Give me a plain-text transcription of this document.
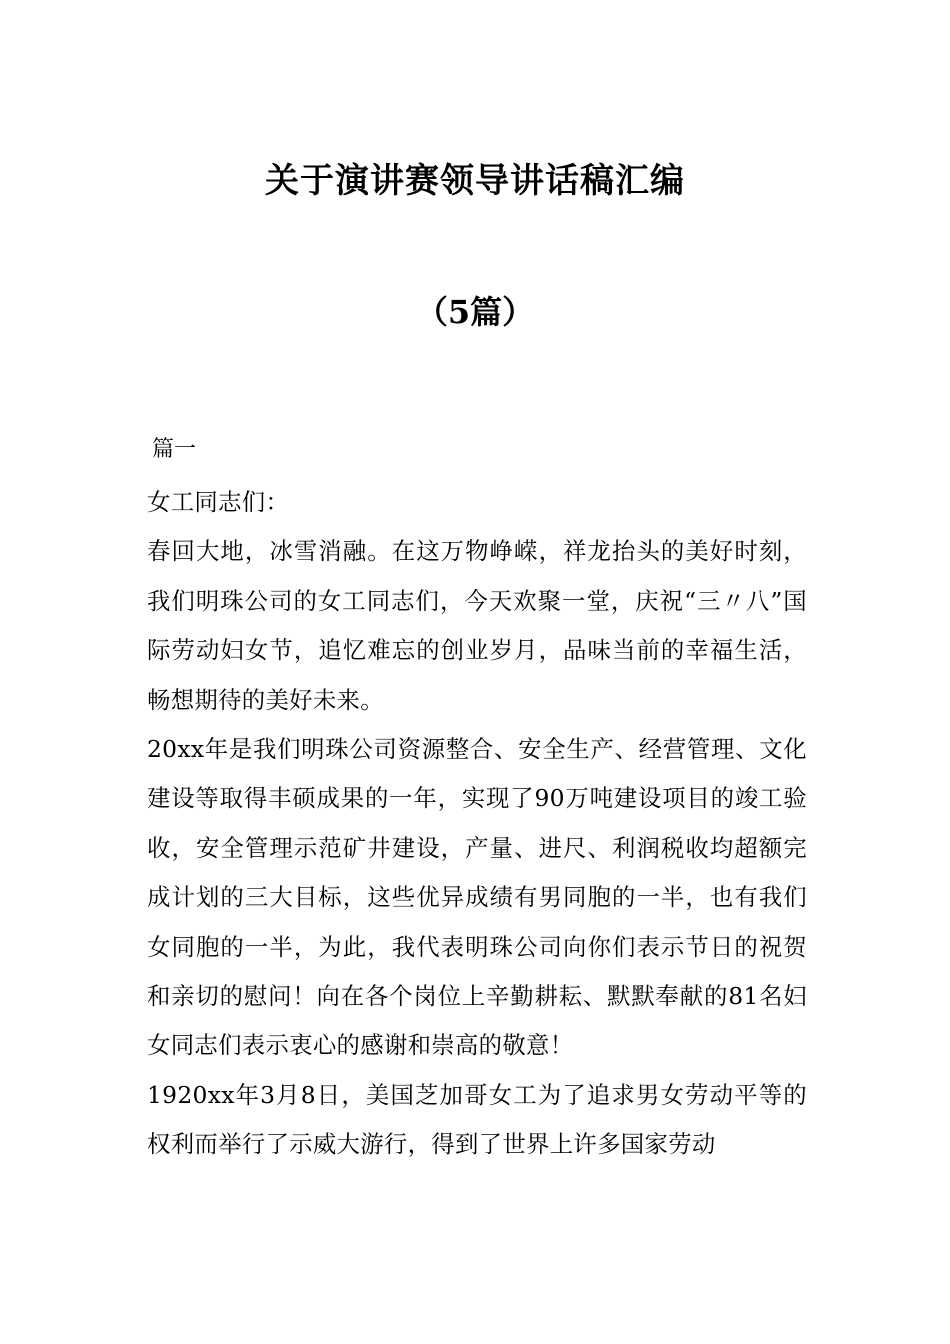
关于演讲赛领导讲话稿汇编
（5篇）
篇一

女工同志们：

春回大地，冰雪消融。在这万物峥嵘，祥龙抬头的美好时刻，我们明珠公司的女工同志们，今天欢聚一堂，庆祝“三〃八”国际劳动妇女节，追忆难忘的创业岁月，品味当前的幸福生活，畅想期待的美好未来。

20xx年是我们明珠公司资源整合、安全生产、经营管理、文化建设等取得丰硕成果的一年，实现了90万吨建设项目的竣工验收，安全管理示范矿井建设，产量、进尺、利润税收均超额完成计划的三大目标，这些优异成绩有男同胞的一半，也有我们女同胞的一半，为此，我代表明珠公司向你们表示节日的祝贺和亲切的慰问！向在各个岗位上辛勤耕耘、默默奉献的81名妇女同志们表示衷心的感谢和崇高的敬意！

1920xx年3月8日，美国芝加哥女工为了追求男女劳动平等的权利而举行了示威大游行，得到了世界上许多国家劳动
